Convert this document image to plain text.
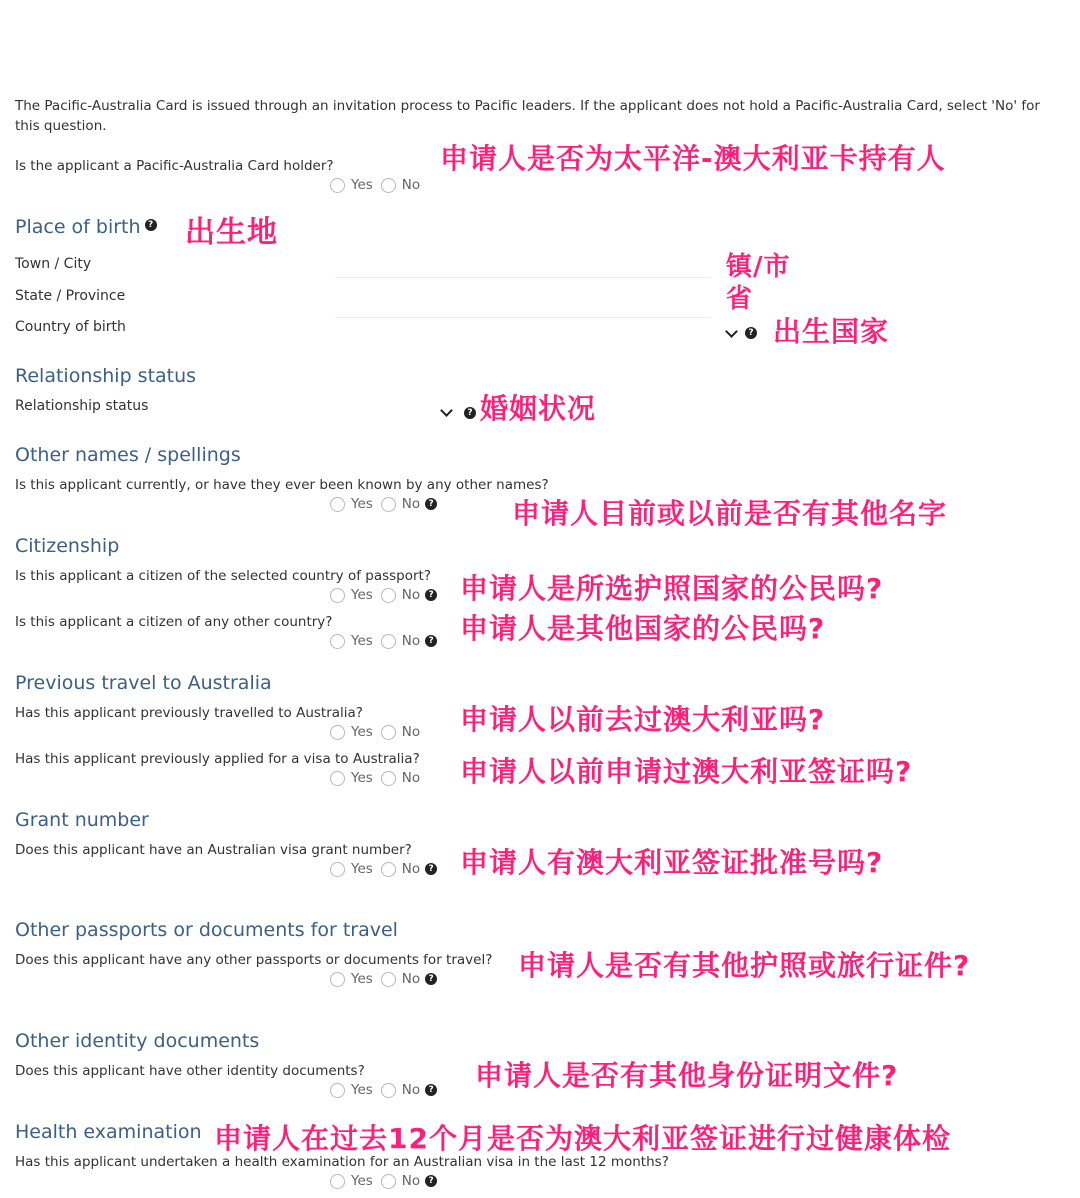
The Pacific-Australia Card is issued through an invitation process to Pacific leaders. If the applicant does not hold a Pacific-Australia Card, select 'No' for this question.
Is the applicant a Pacific-Australia Card holder?	申请人是否为太平洋-澳大利亚卡持有人
Yes No
Place of birth ? 出生地
Town / City	镇/市
State / Province	省
Country of birth	? 出生国家
Relationship status
Relationship status	? 婚姻状况
Other names / spellings
Is this applicant currently, or have they ever been known by any other names?
Yes No ?	申请人目前或以前是否有其他名字
Citizenship
Is this applicant a citizen of the selected country of passport?
Yes No ? 申请人是所选护照国家的公民吗?
Is this applicant a citizen of any other country?
Yes No ? 申请人是其他国家的公民吗?
Previous travel to Australia
Has this applicant previously travelled to Australia?
Yes No 申请人以前去过澳大利亚吗?
Has this applicant previously applied for a visa to Australia?
Yes No 申请人以前申请过澳大利亚签证吗?
Grant number
Does this applicant have an Australian visa grant number?
Yes No ? 申请人有澳大利亚签证批准号吗?
Other passports or documents for travel
Does this applicant have any other passports or documents for travel?
Yes No ?	申请人是否有其他护照或旅行证件?
Other identity documents
Does this applicant have other identity documents?
Yes No ? 申请人是否有其他身份证明文件?
Health examination 申请人在过去12个月是否为澳大利亚签证进行过健康体检
Has this applicant undertaken a health examination for an Australian visa in the last 12 months?
Yes No ?
